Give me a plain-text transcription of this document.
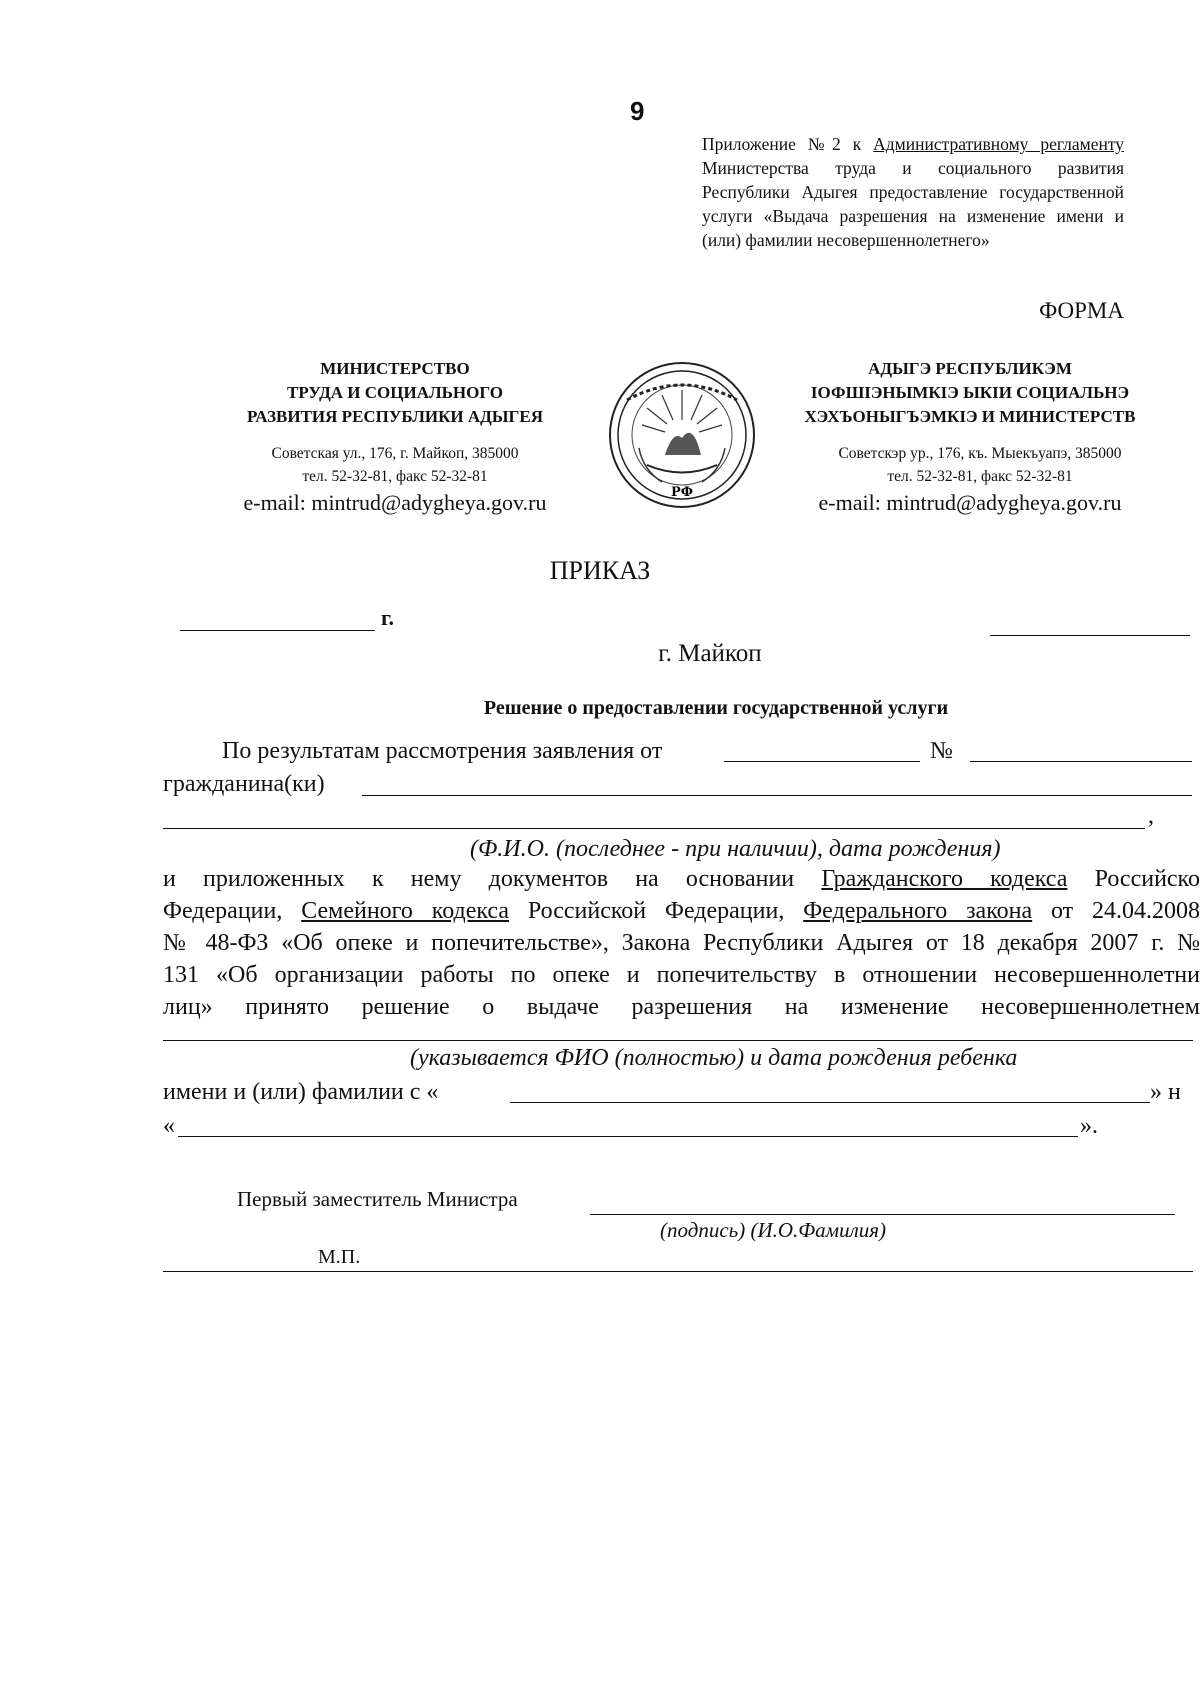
9
Приложение №2 к Административному регламенту Министерства труда и социального развития Республики Адыгея предоставление государственной услуги «Выдача разрешения на изменение имени и (или) фамилии несовершеннолетнего»
ФОРМА
МИНИСТЕРСТВО
ТРУДА И СОЦИАЛЬНОГО
РАЗВИТИЯ РЕСПУБЛИКИ АДЫГЕЯ
Советская ул., 176, г. Майкоп, 385000
тел. 52-32-81, факс 52-32-81
e-mail: mintrud@adygheya.gov.ru	РФ
АДЫГЭ РЕСПУБЛИКЭМ
IОФШIЭНЫМКIЭ ЫКIИ СОЦИАЛЬНЭ
ХЭХЪОНЫГЪЭМКIЭ И МИНИСТЕРСТВ
Советскэр ур., 176, къ. Мыекъуапэ, 385000
тел. 52-32-81, факс 52-32-81
e-mail: mintrud@adygheya.gov.ru
ПРИКАЗ
г.
г. Майкоп
Решение о предоставлении государственной услуги
По результатам рассмотрения заявления от	№
гражданина(ки)
,
(Ф.И.О. (последнее - при наличии), дата рождения)
и приложенных к нему документов на основании Гражданского кодекса Российско
Федерации, Семейного кодекса Российской Федерации, Федерального закона от 24.04.2008
№ 48-ФЗ «Об опеке и попечительстве», Закона Республики Адыгея от 18 декабря 2007 г. №
131 «Об организации работы по опеке и попечительству в отношении несовершеннолетни
лиц» принято решение о выдаче разрешения на изменение несовершеннолетнем
(указывается ФИО (полностью) и дата рождения ребенка
имени и (или) фамилии с «	» н
«	».
Первый заместитель Министра
(подпись) (И.О.Фамилия)
М.П.
